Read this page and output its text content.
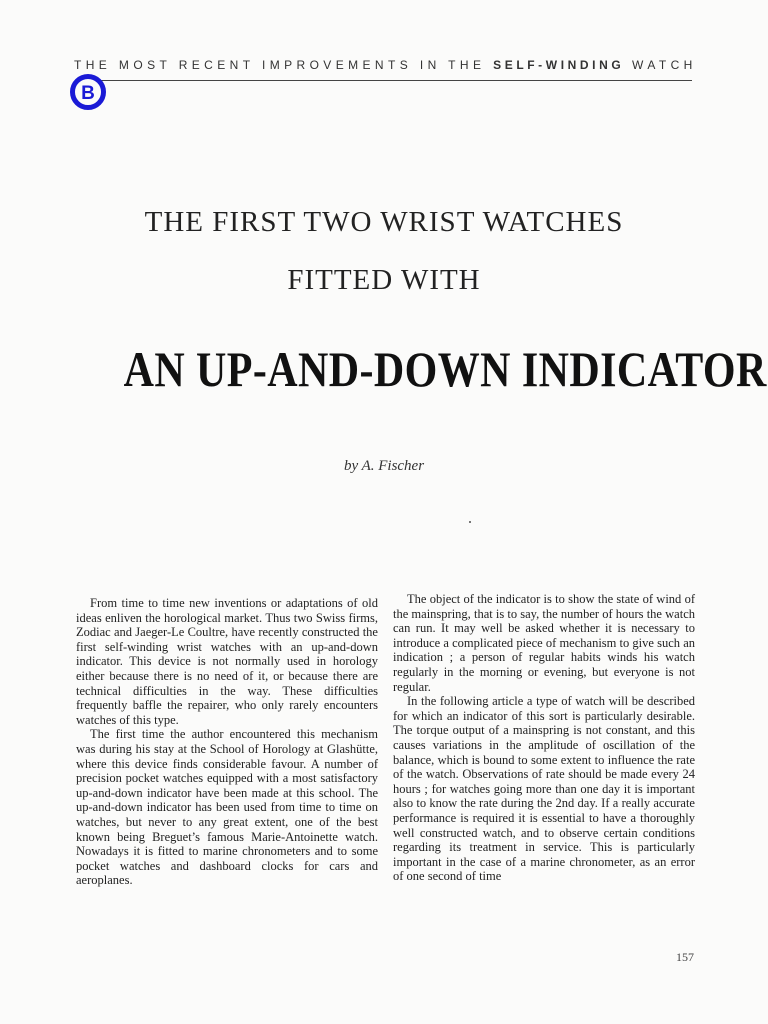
THE MOST RECENT IMPROVEMENTS IN THE SELF-WINDING WATCH
B
THE FIRST TWO WRIST WATCHES
FITTED WITH
AN UP-AND-DOWN INDICATOR
by A. Fischer

From time to time new inventions or adaptations of old ideas enliven the horological market. Thus two Swiss firms, Zodiac and Jaeger-Le Coultre, have recently constructed the first self-winding wrist watches with an up-and-down indicator. This device is not normally used in horology either because there is no need of it, or because there are technical difficulties in the way. These difficulties frequently baffle the repairer, who only rarely encounters watches of this type.

The first time the author encountered this mechanism was during his stay at the School of Horology at Glashütte, where this device finds considerable favour. A number of precision pocket watches equipped with a most satisfactory up-and-down indicator have been made at this school. The up-and-down indicator has been used from time to time on watches, but never to any great extent, one of the best known being Breguet’s famous Marie-Antoinette watch. Nowadays it is fitted to marine chronometers and to some pocket watches and dashboard clocks for cars and aeroplanes.

The object of the indicator is to show the state of wind of the mainspring, that is to say, the number of hours the watch can run. It may well be asked whether it is necessary to introduce a complicated piece of mechanism to give such an indication ; a person of regular habits winds his watch regularly in the morning or evening, but everyone is not regular.

In the following article a type of watch will be described for which an indicator of this sort is particularly desirable. The torque output of a mainspring is not constant, and this causes variations in the amplitude of oscillation of the balance, which is bound to some extent to influence the rate of the watch. Observations of rate should be made every 24 hours ; for watches going more than one day it is important also to know the rate during the 2nd day. If a really accurate performance is required it is essential to have a thoroughly well constructed watch, and to observe certain conditions regarding its treatment in service. This is particularly important in the case of a marine chronometer, as an error of one second of time

157
